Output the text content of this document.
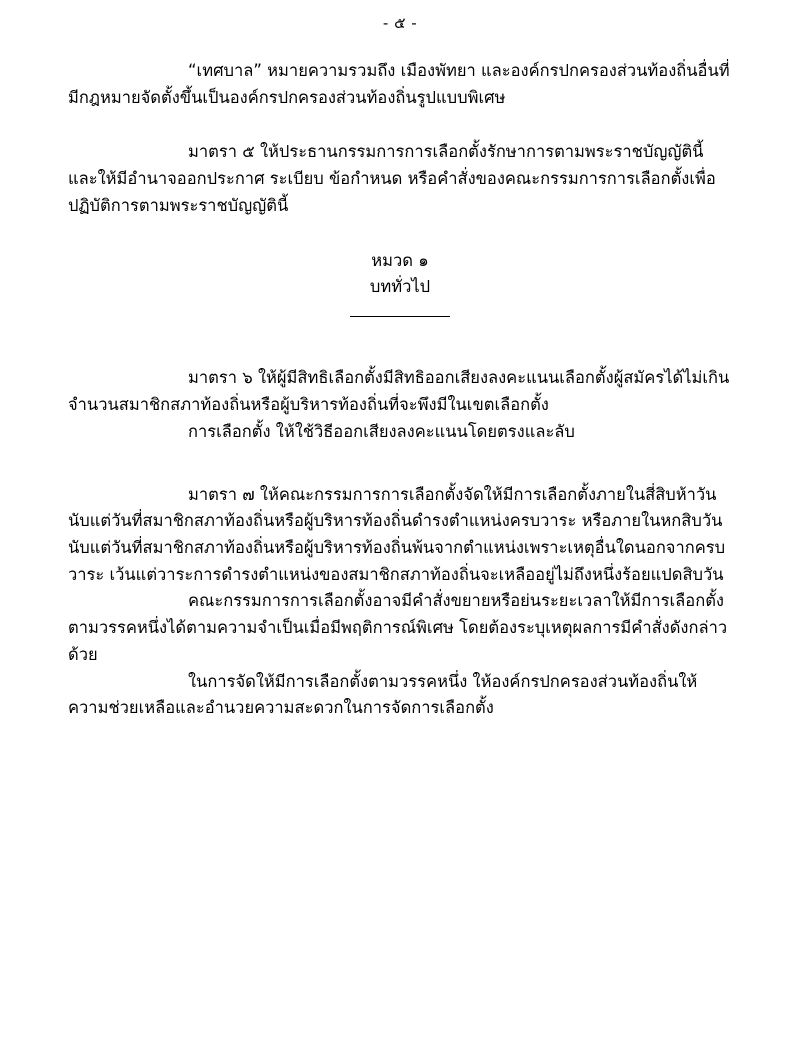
- ๕ -

“เทศบาล” หมายความรวมถึง เมืองพัทยา และองค์กรปกครองส่วนท้องถิ่นอื่นที่มีกฎหมายจัดตั้งขึ้นเป็นองค์กรปกครองส่วนท้องถิ่นรูปแบบพิเศษ

มาตรา ๕ ให้ประธานกรรมการการเลือกตั้งรักษาการตามพระราชบัญญัตินี้ และให้มีอำนาจออกประกาศ ระเบียบ ข้อกำหนด หรือคำสั่งของคณะกรรมการการเลือกตั้งเพื่อปฏิบัติการตามพระราชบัญญัตินี้

หมวด ๑
บททั่วไป

มาตรา ๖ ให้ผู้มีสิทธิเลือกตั้งมีสิทธิออกเสียงลงคะแนนเลือกตั้งผู้สมัครได้ไม่เกินจำนวนสมาชิกสภาท้องถิ่นหรือผู้บริหารท้องถิ่นที่จะพึงมีในเขตเลือกตั้ง

การเลือกตั้ง ให้ใช้วิธีออกเสียงลงคะแนนโดยตรงและลับ

มาตรา ๗ ให้คณะกรรมการการเลือกตั้งจัดให้มีการเลือกตั้งภายในสี่สิบห้าวันนับแต่วันที่สมาชิกสภาท้องถิ่นหรือผู้บริหารท้องถิ่นดำรงตำแหน่งครบวาระ หรือภายในหกสิบวันนับแต่วันที่สมาชิกสภาท้องถิ่นหรือผู้บริหารท้องถิ่นพ้นจากตำแหน่งเพราะเหตุอื่นใดนอกจากครบวาระ เว้นแต่วาระการดำรงตำแหน่งของสมาชิกสภาท้องถิ่นจะเหลืออยู่ไม่ถึงหนึ่งร้อยแปดสิบวัน

คณะกรรมการการเลือกตั้งอาจมีคำสั่งขยายหรือย่นระยะเวลาให้มีการเลือกตั้งตามวรรคหนึ่งได้ตามความจำเป็นเมื่อมีพฤติการณ์พิเศษ โดยต้องระบุเหตุผลการมีคำสั่งดังกล่าวด้วย

ในการจัดให้มีการเลือกตั้งตามวรรคหนึ่ง ให้องค์กรปกครองส่วนท้องถิ่นให้ความช่วยเหลือและอำนวยความสะดวกในการจัดการเลือกตั้ง
